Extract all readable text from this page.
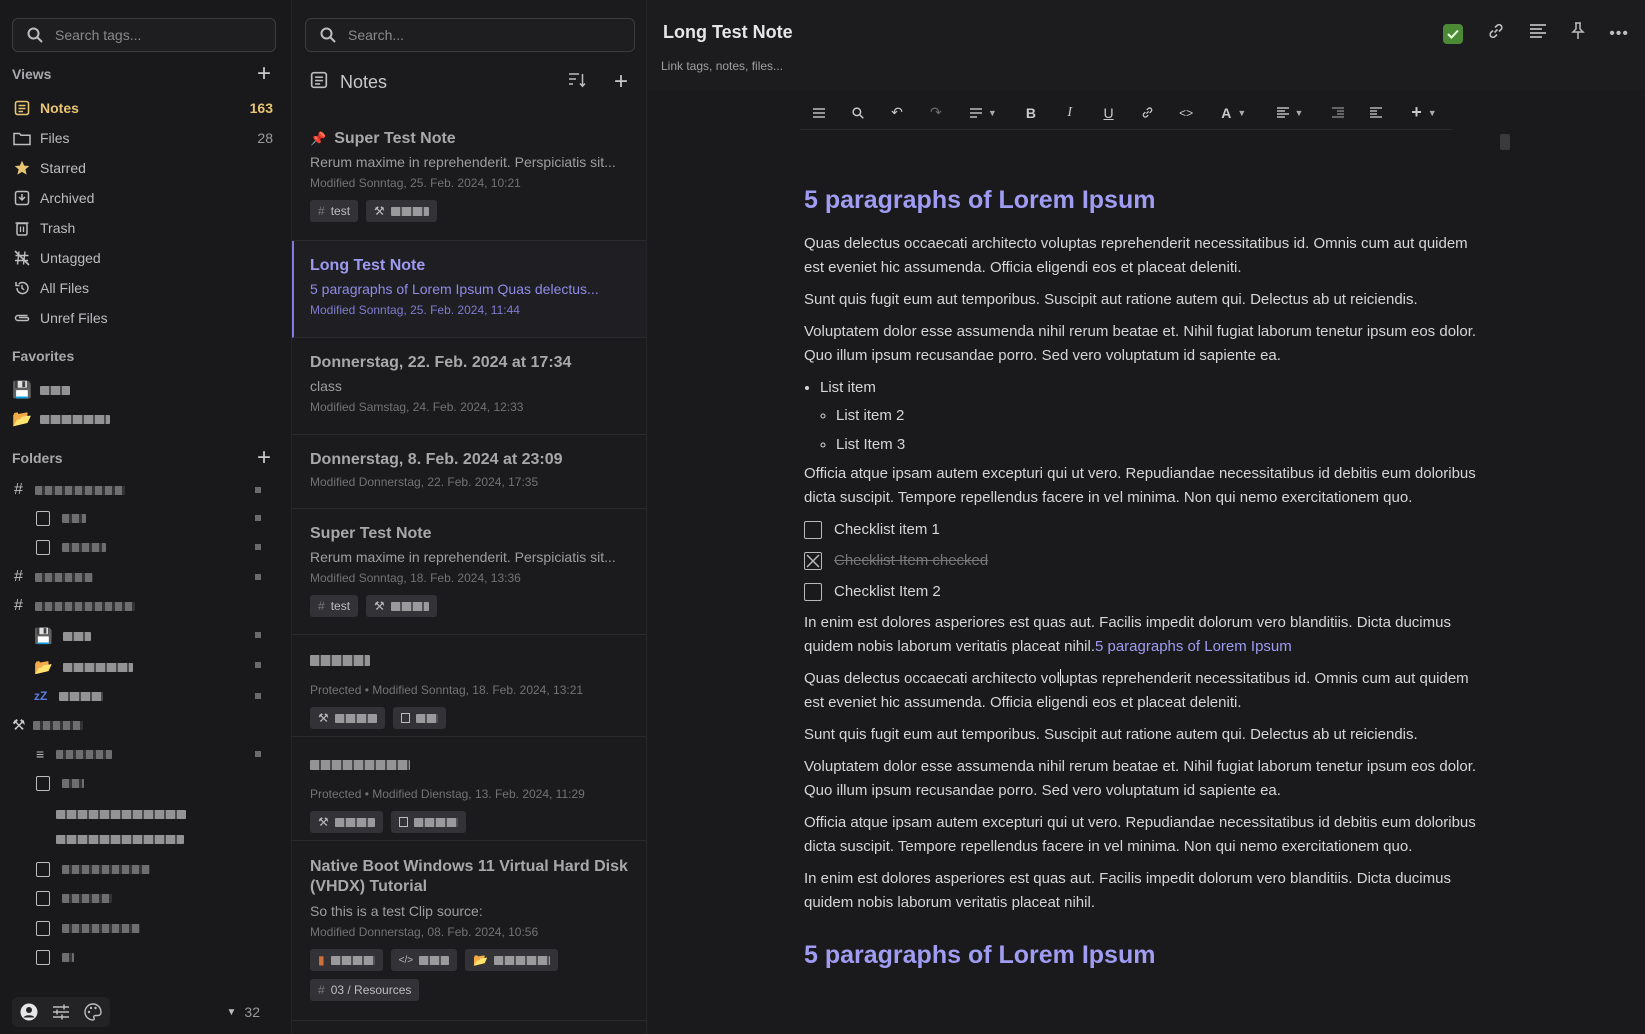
Search tags...
Views	+
Notes	163
Files	28
Starred
Archived
Trash
Untagged
All Files
Unref Files
Favorites
💾
📂
Folders	+
#
#
#
💾
📂
zZ
⚒
≡
▼ 32
Search...
Notes	+
📌 Super Test Note
Rerum maxime in reprehenderit. Perspiciatis sit...
Modified Sonntag, 25. Feb. 2024, 10:21
# test ⚒
Long Test Note
5 paragraphs of Lorem Ipsum Quas delectus...
Modified Sonntag, 25. Feb. 2024, 11:44
Donnerstag, 22. Feb. 2024 at 17:34
class
Modified Samstag, 24. Feb. 2024, 12:33
Donnerstag, 8. Feb. 2024 at 23:09
Modified Donnerstag, 22. Feb. 2024, 17:35
Super Test Note
Rerum maxime in reprehenderit. Perspiciatis sit...
Modified Sonntag, 18. Feb. 2024, 13:36
# test ⚒
Protected • Modified Sonntag, 18. Feb. 2024, 13:21
⚒
Protected • Modified Dienstag, 13. Feb. 2024, 11:29
⚒
Native Boot Windows 11 Virtual Hard Disk (VHDX) Tutorial
So this is a test Clip source:
Modified Donnerstag, 08. Feb. 2024, 10:56
▮	</>	📂
# 03 / Resources
Long Test Note
Link tags, notes, files...
•••
↶	↷	▼	B	I	U	<>	A ▼	▼	+ ▼
5 paragraphs of Lorem Ipsum

Quas delectus occaecati architecto voluptas reprehenderit necessitatibus id. Omnis cum aut quidem est eveniet hic assumenda. Officia eligendi eos et placeat deleniti.

Sunt quis fugit eum aut temporibus. Suscipit aut ratione autem qui. Delectus ab ut reiciendis.

Voluptatem dolor esse assumenda nihil rerum beatae et. Nihil fugiat laborum tenetur ipsum eos dolor. Quo illum ipsum recusandae porro. Sed vero voluptatum id sapiente ea.

• List item
◦ List item 2
◦ List Item 3

Officia atque ipsam autem excepturi qui ut vero. Repudiandae necessitatibus id debitis eum doloribus dicta suscipit. Tempore repellendus facere in vel minima. Non qui nemo exercitationem quo.

Checklist item 1
Checklist Item checked
Checklist Item 2

In enim est dolores asperiores est quas aut. Facilis impedit dolorum vero blanditiis. Dicta ducimus quidem nobis laborum veritatis placeat nihil.5 paragraphs of Lorem Ipsum

Quas delectus occaecati architecto voluptas reprehenderit necessitatibus id. Omnis cum aut quidem est eveniet hic assumenda. Officia eligendi eos et placeat deleniti.

Sunt quis fugit eum aut temporibus. Suscipit aut ratione autem qui. Delectus ab ut reiciendis.

Voluptatem dolor esse assumenda nihil rerum beatae et. Nihil fugiat laborum tenetur ipsum eos dolor. Quo illum ipsum recusandae porro. Sed vero voluptatum id sapiente ea.

Officia atque ipsam autem excepturi qui ut vero. Repudiandae necessitatibus id debitis eum doloribus dicta suscipit. Tempore repellendus facere in vel minima. Non qui nemo exercitationem quo.

In enim est dolores asperiores est quas aut. Facilis impedit dolorum vero blanditiis. Dicta ducimus quidem nobis laborum veritatis placeat nihil.

5 paragraphs of Lorem Ipsum
